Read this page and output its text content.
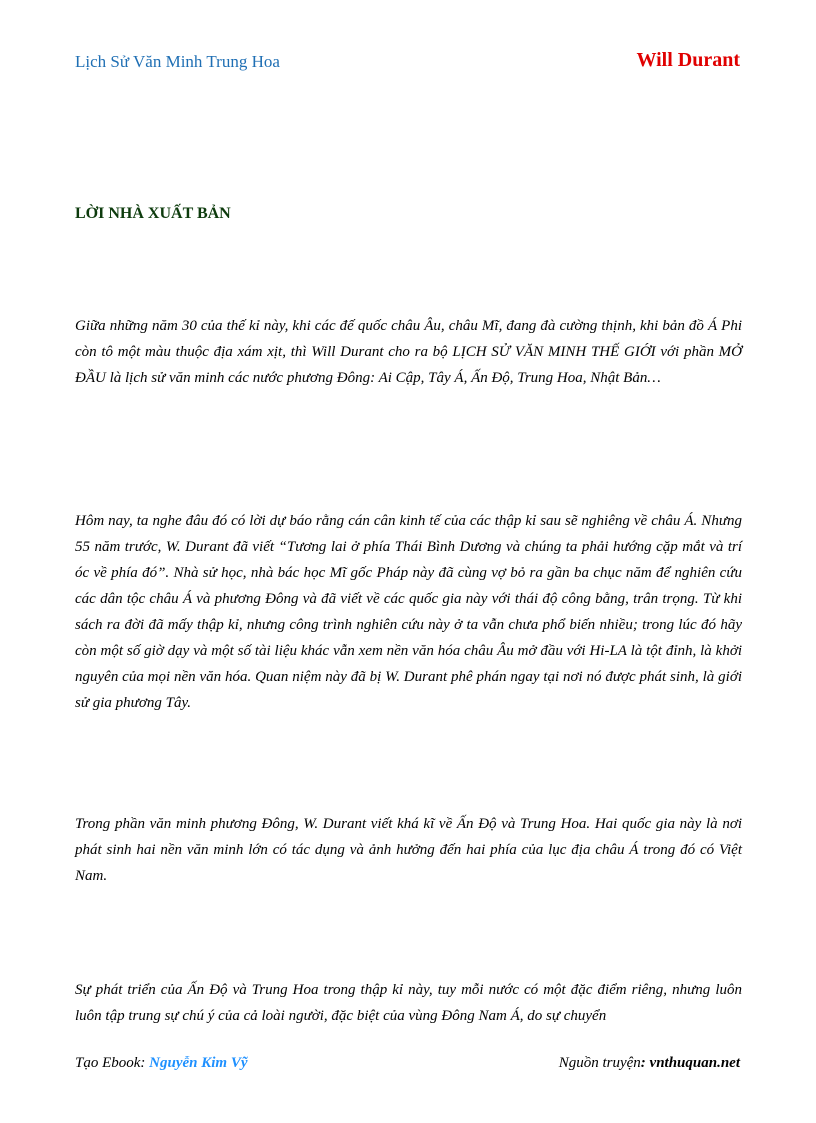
Lịch Sử Văn Minh Trung Hoa	Will Durant
LỜI NHÀ XUẤT BẢN

Giữa những năm 30 của thế kỉ này, khi các đế quốc châu Âu, châu Mĩ, đang đà cường thịnh, khi bản đồ Á Phi còn tô một màu thuộc địa xám xịt, thì Will Durant cho ra bộ LỊCH SỬ VĂN MINH THẾ GIỚI với phần MỞ ĐẦU là lịch sử văn minh các nước phương Đông: Ai Cập, Tây Á, Ấn Độ, Trung Hoa, Nhật Bản…

Hôm nay, ta nghe đâu đó có lời dự báo rằng cán cân kinh tế của các thập kỉ sau sẽ nghiêng về châu Á. Nhưng 55 năm trước, W. Durant đã viết “Tương lai ở phía Thái Bình Dương và chúng ta phải hướng cặp mắt và trí óc về phía đó”. Nhà sử học, nhà bác học Mĩ gốc Pháp này đã cùng vợ bỏ ra gần ba chục năm để nghiên cứu các dân tộc châu Á và phương Đông và đã viết về các quốc gia này với thái độ công bằng, trân trọng. Từ khi sách ra đời đã mấy thập kỉ, nhưng công trình nghiên cứu này ở ta vẫn chưa phổ biến nhiều; trong lúc đó hãy còn một số giờ dạy và một số tài liệu khác vẫn xem nền văn hóa châu Âu mở đầu với Hi-LA là tột đỉnh, là khởi nguyên của mọi nền văn hóa. Quan niệm này đã bị W. Durant phê phán ngay tại nơi nó được phát sinh, là giới sử gia phương Tây.

Trong phần văn minh phương Đông, W. Durant viết khá kĩ về Ấn Độ và Trung Hoa. Hai quốc gia này là nơi phát sinh hai nền văn minh lớn có tác dụng và ảnh hưởng đến hai phía của lục địa châu Á trong đó có Việt Nam.

Sự phát triển của Ấn Độ và Trung Hoa trong thập kỉ này, tuy mỗi nước có một đặc điểm riêng, nhưng luôn luôn tập trung sự chú ý của cả loài người, đặc biệt của vùng Đông Nam Á, do sự chuyển

Tạo Ebook: Nguyễn Kim Vỹ	Nguồn truyện: vnthuquan.net
